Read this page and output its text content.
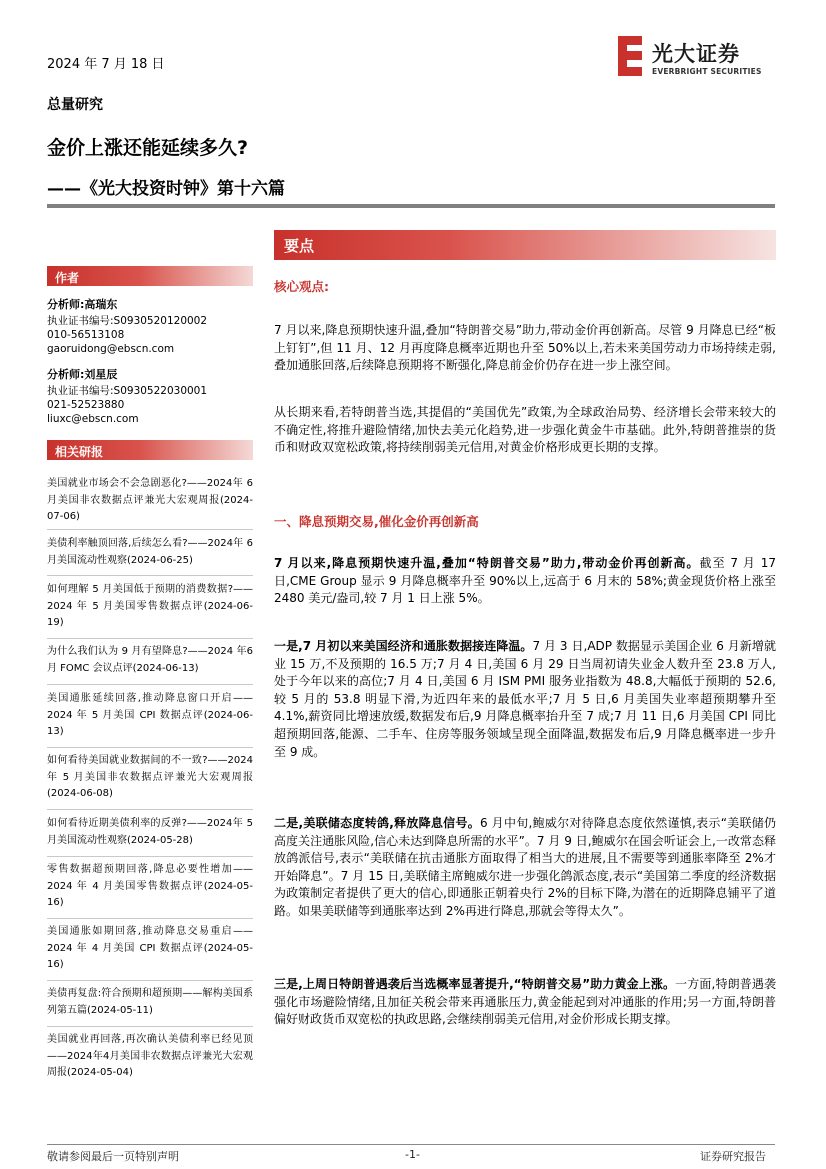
2024 年 7 月 18 日	光大证券
EVERBRIGHT SECURITIES
总量研究
金价上涨还能延续多久?
——《光大投资时钟》第十六篇
作者
分析师:高瑞东
执业证书编号:S0930520120002
010-56513108
gaoruidong@ebscn.com
分析师:刘星辰
执业证书编号:S0930522030001
021-52523880
liuxc@ebscn.com
相关研报
美国就业市场会不会急剧恶化?——2024年 6 月美国非农数据点评兼光大宏观周报(2024-07-06)
美债利率触顶回落,后续怎么看?——2024年 6 月美国流动性观察(2024-06-25)
如何理解 5 月美国低于预期的消费数据?——2024 年 5 月美国零售数据点评(2024-06-19)
为什么我们认为 9 月有望降息?——2024 年6 月 FOMC 会议点评(2024-06-13)
美国通胀延续回落,推动降息窗口开启——2024 年 5 月美国 CPI 数据点评(2024-06-13)
如何看待美国就业数据间的不一致?——2024 年 5 月美国非农数据点评兼光大宏观周报(2024-06-08)
如何看待近期美债利率的反弹?——2024年 5 月美国流动性观察(2024-05-28)
零售数据超预期回落,降息必要性增加——2024 年 4 月美国零售数据点评(2024-05-16)
美国通胀如期回落,推动降息交易重启——2024 年 4 月美国 CPI 数据点评(2024-05-16)
美债再复盘:符合预期和超预期——解构美国系列第五篇(2024-05-11)
美国就业再回落,再次确认美债利率已经见顶——2024年4月美国非农数据点评兼光大宏观周报(2024-05-04)
要点
核心观点:
7 月以来,降息预期快速升温,叠加“特朗普交易”助力,带动金价再创新高。尽管 9 月降息已经“板上钉钉”,但 11 月、12 月再度降息概率近期也升至 50%以上,若未来美国劳动力市场持续走弱,叠加通胀回落,后续降息预期将不断强化,降息前金价仍存在进一步上涨空间。
从长期来看,若特朗普当选,其提倡的“美国优先”政策,为全球政治局势、经济增长会带来较大的不确定性,将推升避险情绪,加快去美元化趋势,进一步强化黄金牛市基础。此外,特朗普推崇的货币和财政双宽松政策,将持续削弱美元信用,对黄金价格形成更长期的支撑。
一、降息预期交易,催化金价再创新高
7 月以来,降息预期快速升温,叠加“特朗普交易”助力,带动金价再创新高。截至 7 月 17 日,CME Group 显示 9 月降息概率升至 90%以上,远高于 6 月末的 58%;黄金现货价格上涨至 2480 美元/盎司,较 7 月 1 日上涨 5%。
一是,7 月初以来美国经济和通胀数据接连降温。7 月 3 日,ADP 数据显示美国企业 6 月新增就业 15 万,不及预期的 16.5 万;7 月 4 日,美国 6 月 29 日当周初请失业金人数升至 23.8 万人,处于今年以来的高位;7 月 4 日,美国 6 月 ISM PMI 服务业指数为 48.8,大幅低于预期的 52.6,较 5 月的 53.8 明显下滑,为近四年来的最低水平;7 月 5 日,6 月美国失业率超预期攀升至 4.1%,薪资同比增速放缓,数据发布后,9 月降息概率抬升至 7 成;7 月 11 日,6 月美国 CPI 同比超预期回落,能源、二手车、住房等服务领域呈现全面降温,数据发布后,9 月降息概率进一步升至 9 成。
二是,美联储态度转鸽,释放降息信号。6 月中旬,鲍威尔对待降息态度依然谨慎,表示“美联储仍高度关注通胀风险,信心未达到降息所需的水平”。7 月 9 日,鲍威尔在国会听证会上,一改常态释放鸽派信号,表示“美联储在抗击通胀方面取得了相当大的进展,且不需要等到通胀率降至 2%才开始降息”。7 月 15 日,美联储主席鲍威尔进一步强化鸽派态度,表示“美国第二季度的经济数据为政策制定者提供了更大的信心,即通胀正朝着央行 2%的目标下降,为潜在的近期降息铺平了道路。如果美联储等到通胀率达到 2%再进行降息,那就会等得太久”。
三是,上周日特朗普遇袭后当选概率显著提升,“特朗普交易”助力黄金上涨。一方面,特朗普遇袭强化市场避险情绪,且加征关税会带来再通胀压力,黄金能起到对冲通胀的作用;另一方面,特朗普偏好财政货币双宽松的执政思路,会继续削弱美元信用,对金价形成长期支撑。
敬请参阅最后一页特别声明	-1-	证券研究报告
